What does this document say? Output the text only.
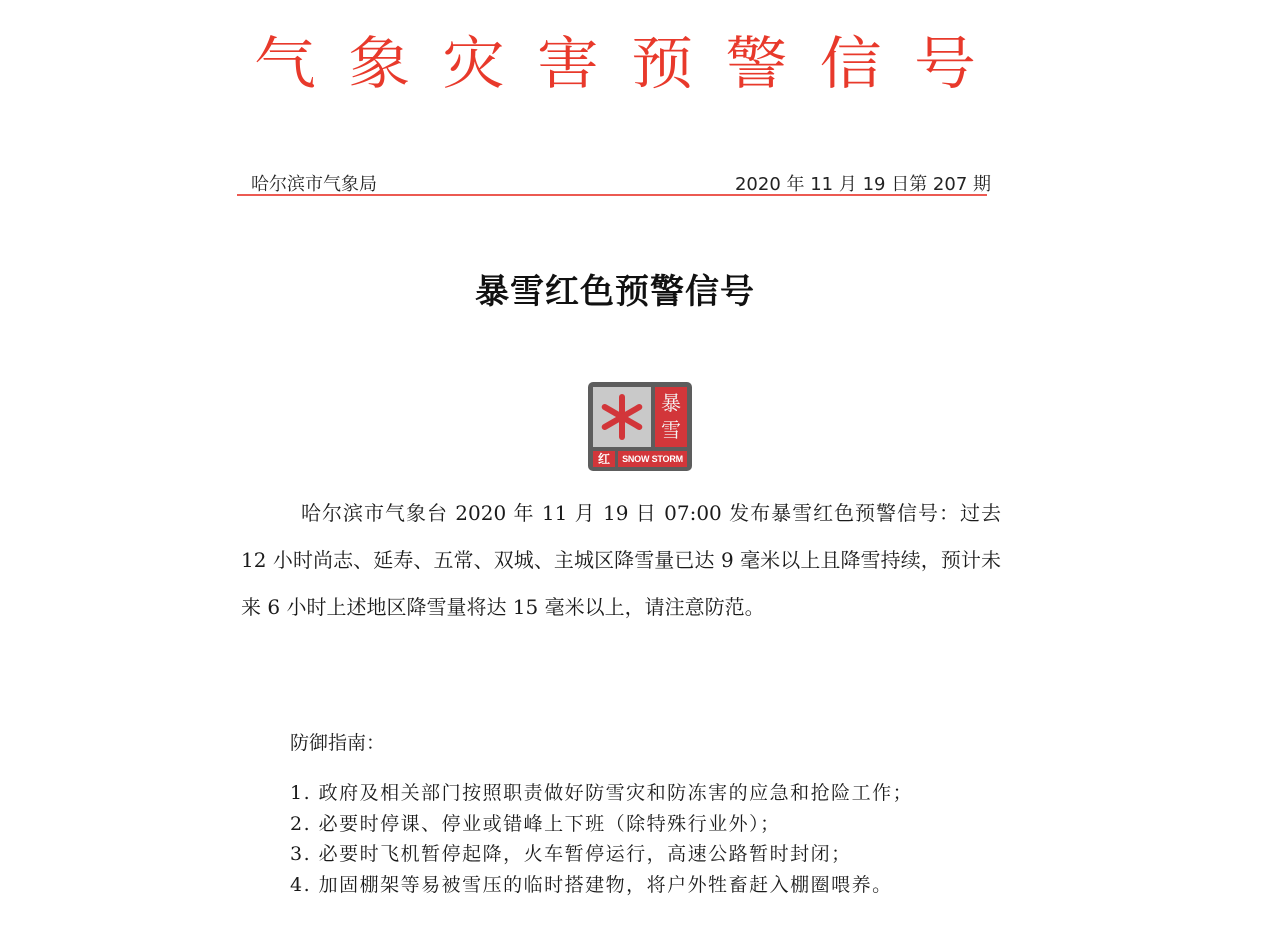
气 象 灾 害 预 警 信 号
哈尔滨市气象局	2020 年 11 月 19 日第 207 期
暴雪红色预警信号
暴
雪
红	SNOW STORM

哈尔滨市气象台 2020 年 11 月 19 日 07:00 发布暴雪红色预警信号：过去 12 小时尚志、延寿、五常、双城、主城区降雪量已达 9 毫米以上且降雪持续，预计未来 6 小时上述地区降雪量将达 15 毫米以上，请注意防范。

防御指南：

1. 政府及相关部门按照职责做好防雪灾和防冻害的应急和抢险工作；
2. 必要时停课、停业或错峰上下班（除特殊行业外）；
3. 必要时飞机暂停起降，火车暂停运行，高速公路暂时封闭；
4. 加固棚架等易被雪压的临时搭建物，将户外牲畜赶入棚圈喂养。
